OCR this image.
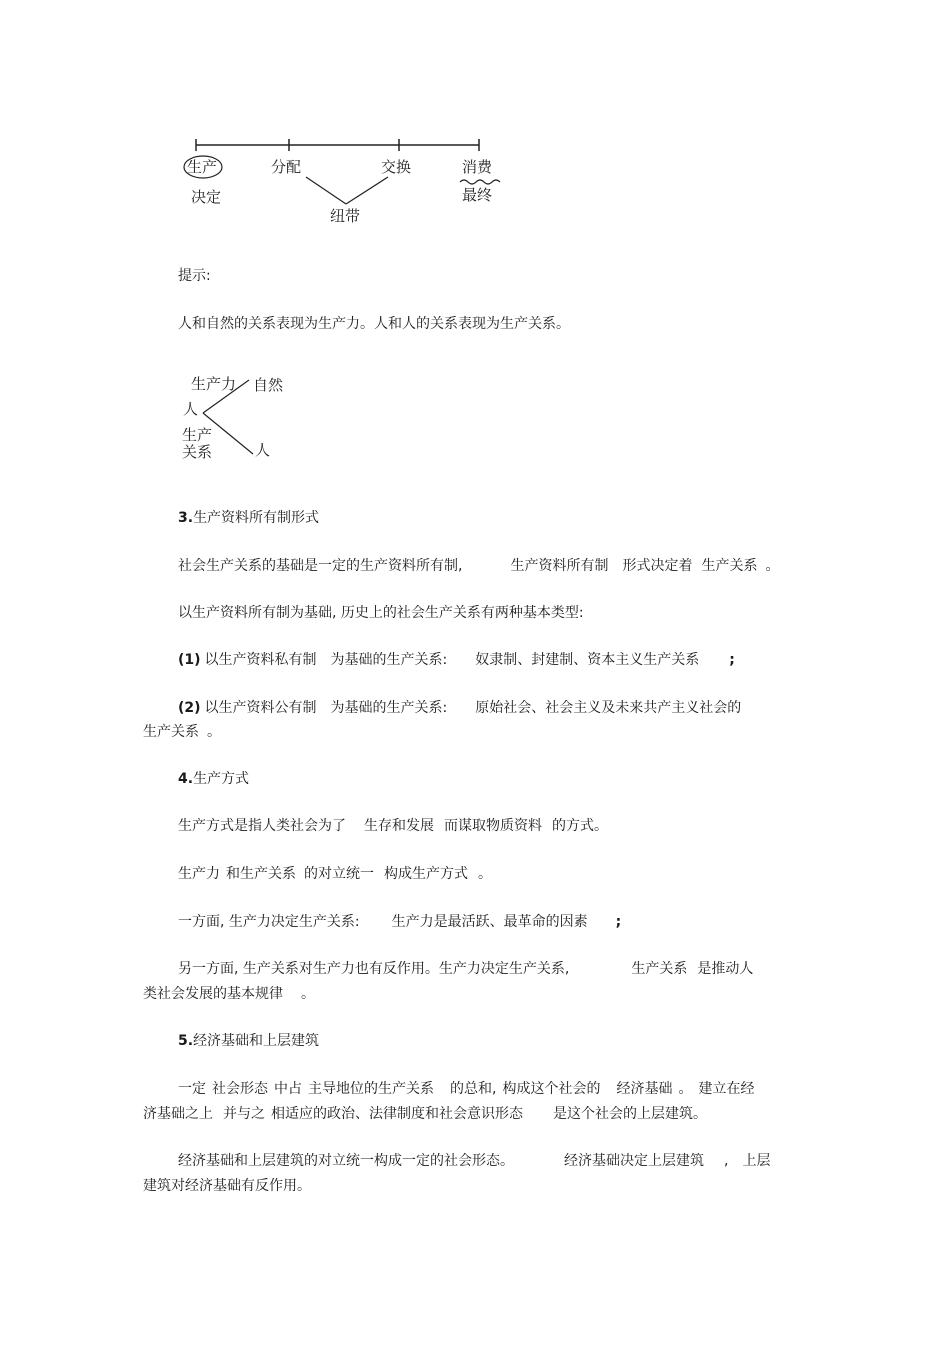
生产	分配	交换	消费
决定
纽带
最终
提示:
人和自然的关系表现为生产力。人和人的关系表现为生产关系。
生产力 自然
人
生产
关系	人
3.生产资料所有制形式
社会生产关系的基础是一定的生产资料所有制,	生产资料所有制 形式决定着 生产关系 。
以生产资料所有制为基础, 历史上的社会生产关系有两种基本类型:
(1) 以生产资料私有制 为基础的生产关系: 奴隶制、封建制、资本主义生产关系 ;
(2) 以生产资料公有制 为基础的生产关系: 原始社会、社会主义及未来共产主义社会的
生产关系 。
4.生产方式
生产方式是指人类社会为了 生存和发展 而谋取物质资料 的方式。
生产力 和生产关系 的对立统一 构成生产方式 。
一方面, 生产力决定生产关系: 生产力是最活跃、最革命的因素 ;
另一方面, 生产关系对生产力也有反作用。生产力决定生产关系,	生产关系 是推动人
类社会发展的基本规律 。
5.经济基础和上层建筑
一定 社会形态 中占 主导地位的生产关系 的总和, 构成这个社会的 经济基础 。 建立在经
济基础之上 并与之 相适应的政治、法律制度和社会意识形态 是这个社会的上层建筑。
经济基础和上层建筑的对立统一构成一定的社会形态。	经济基础决定上层建筑 , 上层
建筑对经济基础有反作用。
